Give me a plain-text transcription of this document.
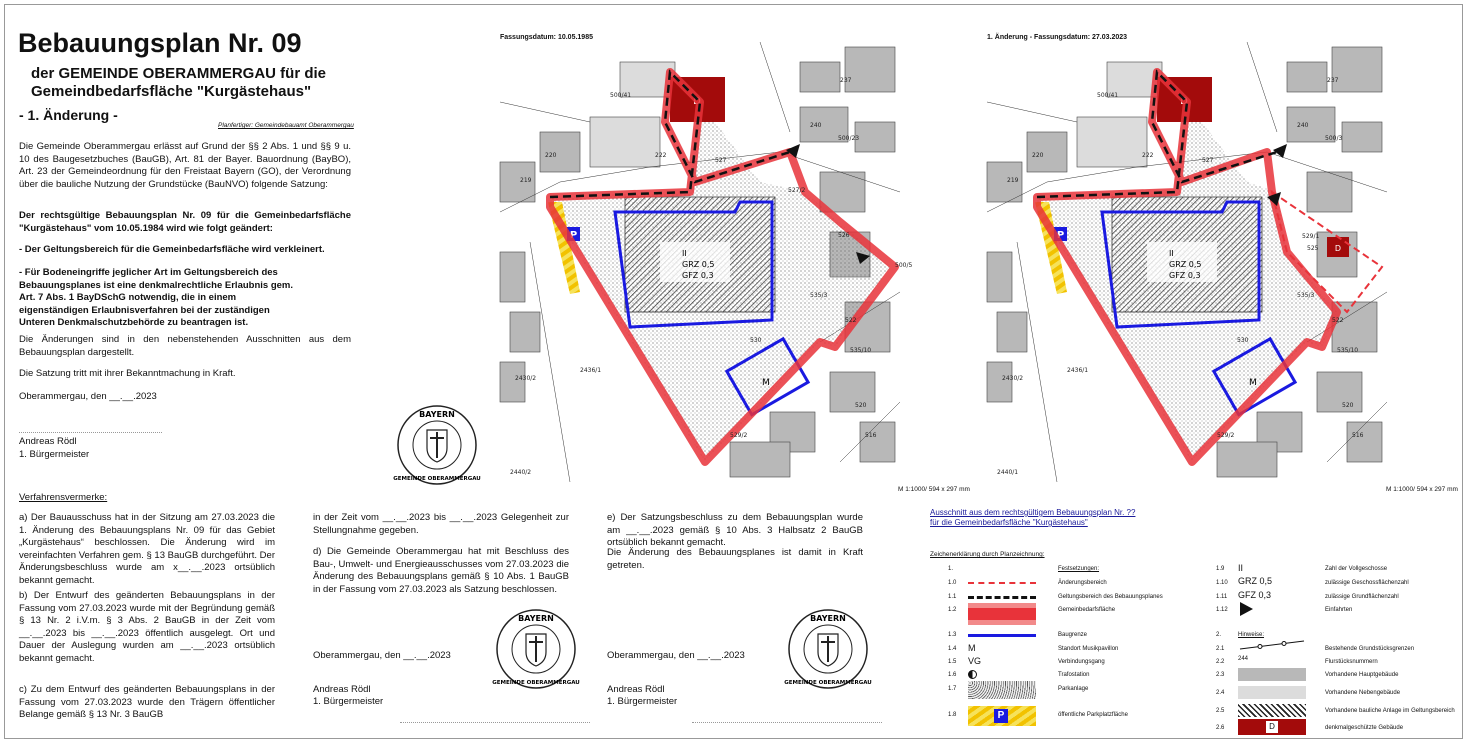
Bebauungsplan Nr. 09
der GEMEINDE OBERAMMERGAU für die
Gemeindbedarfsfläche "Kurgästehaus"
- 1. Änderung -
Planfertiger: Gemeindebauamt Oberammergau
Die Gemeinde Oberammergau erlässt auf Grund der §§ 2 Abs. 1 und §§ 9 u. 10 des Baugesetzbuches (BauGB), Art. 81 der Bayer. Bauordnung (BayBO), Art. 23 der Gemeindeordnung für den Freistaat Bayern (GO), der Verordnung über die bauliche Nutzung der Grundstücke (BauNVO) folgende Satzung:
Der rechtsgültige Bebauungsplan Nr. 09 für die Gemeinbedarfsfläche "Kurgästehaus" vom 10.05.1984 wird wie folgt geändert:
- Der Geltungsbereich für die Gemeinbedarfsfläche wird verkleinert.
- Für Bodeneingriffe jeglicher Art im Geltungsbereich des Bebauungsplanes ist eine denkmalrechtliche Erlaubnis gem. Art. 7 Abs. 1 BayDSchG notwendig, die in einem eigenständigen Erlaubnisverfahren bei der zuständigen Unteren Denkmalschutzbehörde zu beantragen ist.
Die Änderungen sind in den nebenstehenden Ausschnitten aus dem Bebauungsplan dargestellt.
Die Satzung tritt mit ihrer Bekanntmachung in Kraft.
Oberammergau, den __.__.2023
Andreas Rödl
1. Bürgermeister
BAYERN
GEMEINDE OBERAMMERGAU
Fassungsdatum: 10.05.1985	1. Änderung - Fassungsdatum: 27.03.2023
M 1:1000/ 594 x 297 mm	M 1:1000/ 594 x 297 mm
D
II
GRZ 0,5
GFZ 0,3
P
M
237
240
222
220
219
500/41
500/23
527
527/2
500/5
526
535/3
522
535/10
530
2436/1
2430/2
529/2
2440/2
520
516
D
D
II
GRZ 0,5
GFZ 0,3
P
M
237
240
222
220
219
500/41
500/3
527
529/1
525
535/3
522
535/10
530
2436/1
2430/2
529/2
2440/1
520
516
Verfahrensvermerke:
a) Der Bauausschuss hat in der Sitzung am 27.03.2023 die 1. Änderung des Bebauungsplans Nr. 09 für das Gebiet „Kurgästehaus“ beschlossen. Die Änderung wird im vereinfachten Verfahren gem. § 13 BauGB durchgeführt. Der Änderungsbeschluss wurde am x__.__.2023 ortsüblich bekannt gemacht.
b) Der Entwurf des geänderten Bebauungsplans in der Fassung vom 27.03.2023 wurde mit der Begründung gemäß § 13 Nr. 2 i.V.m. § 3 Abs. 2 BauGB in der Zeit vom __.__.2023 bis __.__.2023 öffentlich ausgelegt. Ort und Dauer der Auslegung wurden am __.__.2023 ortsüblich bekannt gemacht.
c) Zu dem Entwurf des geänderten Bebauungsplans in der Fassung vom 27.03.2023 wurde den Trägern öffentlicher Belange gemäß § 13 Nr. 3 BauGB
in der Zeit vom __.__.2023 bis __.__.2023 Gelegenheit zur Stellungnahme gegeben.
d) Die Gemeinde Oberammergau hat mit Beschluss des Bau-, Umwelt- und Energieausschusses vom 27.03.2023 die Änderung des Bebauungsplans gemäß § 10 Abs. 1 BauGB in der Fassung vom 27.03.2023 als Satzung beschlossen.
Oberammergau, den __.__.2023
Andreas Rödl
1. Bürgermeister
BAYERN
GEMEINDE OBERAMMERGAU
e) Der Satzungsbeschluss zu dem Bebauungsplan wurde am __.__.2023 gemäß § 10 Abs. 3 Halbsatz 2 BauGB ortsüblich bekannt gemacht.
Die Änderung des Bebauungsplanes ist damit in Kraft getreten.
Oberammergau, den __.__.2023
Andreas Rödl
1. Bürgermeister
BAYERN
GEMEINDE OBERAMMERGAU
Ausschnitt aus dem rechtsgültigem Bebauungsplan Nr. ??
für die Gemeinbedarfsfläche "Kurgästehaus"
Zeichenerklärung durch Planzeichnung:
1.	Festsetzungen:
1.0	Änderungsbereich
1.1	Geltungsbereich des Bebauungsplanes
1.2	Gemeinbedarfsfläche
1.3	Baugrenze
1.4 M	Standort Musikpavillon
1.5 VG	Verbindungsgang
1.6	Trafostation
1.7	Parkanlage
1.8	P	öffentliche Parkplatzfläche
1.9 II	Zahl der Vollgeschosse
1.10 GRZ 0,5	zulässige Geschossflächenzahl
1.11 GFZ 0,3	zulässige Grundflächenzahl
1.12	Einfahrten
2.	Hinweise:
2.1	Bestehende Grundstücksgrenzen
2.2 244	Flurstücksnummern
2.3	Vorhandene Hauptgebäude
2.4	Vorhandene Nebengebäude
2.5	Vorhandene bauliche Anlage im Geltungsbereich
2.6	D	denkmalgeschützte Gebäude
